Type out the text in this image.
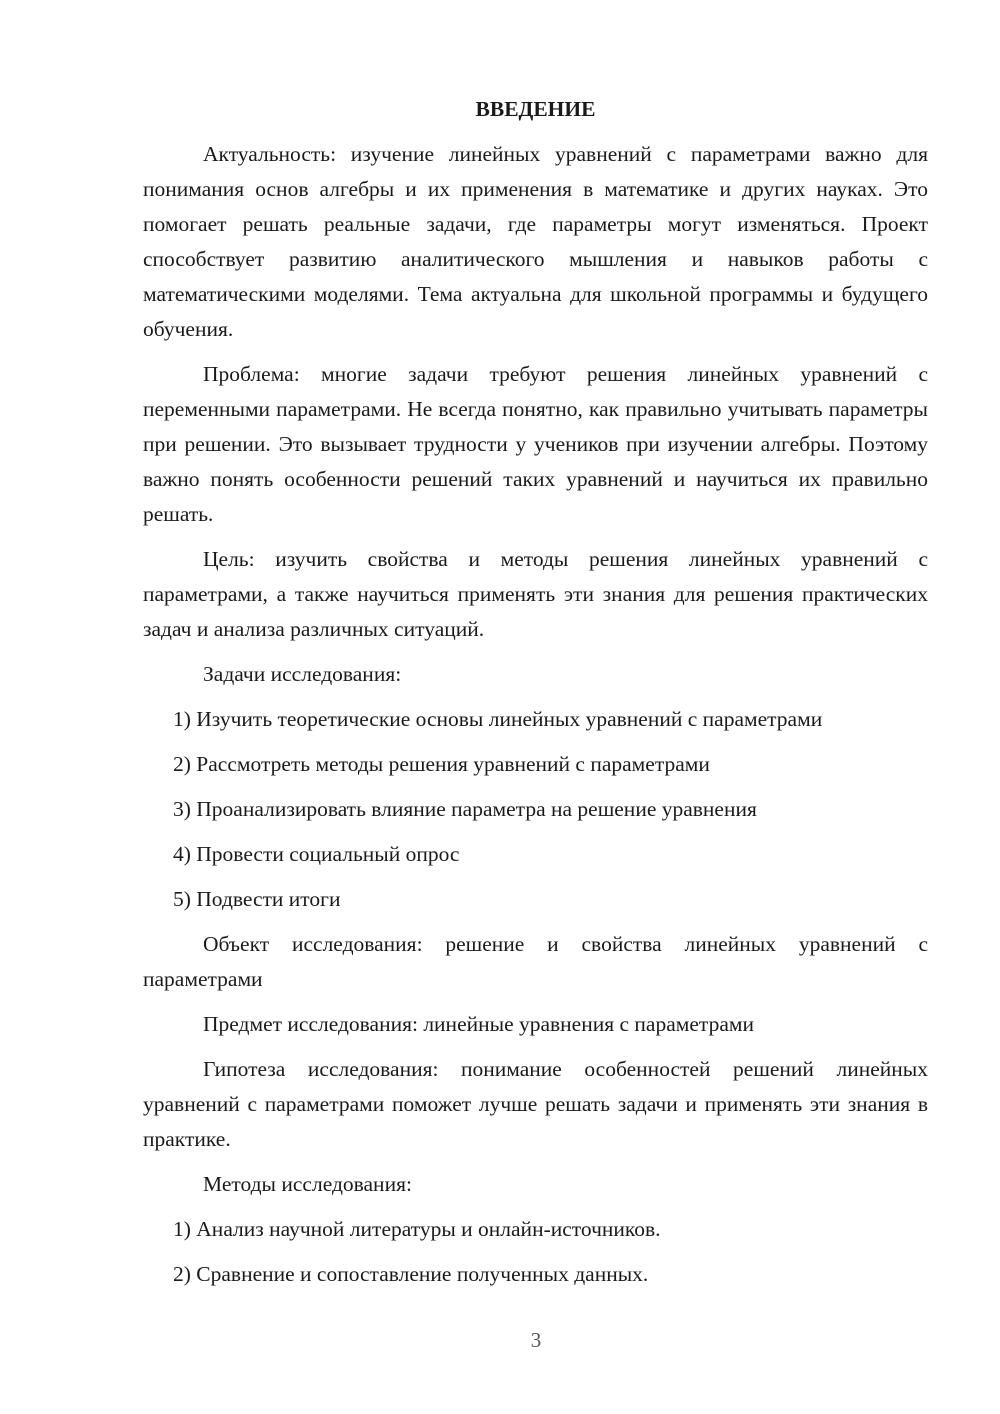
ВВЕДЕНИЕ

Актуальность: изучение линейных уравнений с параметрами важно для понимания основ алгебры и их применения в математике и других науках. Это помогает решать реальные задачи, где параметры могут изменяться. Проект способствует развитию аналитического мышления и навыков работы с математическими моделями. Тема актуальна для школьной программы и будущего обучения.

Проблема: многие задачи требуют решения линейных уравнений с переменными параметрами. Не всегда понятно, как правильно учитывать параметры при решении. Это вызывает трудности у учеников при изучении алгебры. Поэтому важно понять особенности решений таких уравнений и научиться их правильно решать.

Цель: изучить свойства и методы решения линейных уравнений с параметрами, а также научиться применять эти знания для решения практических задач и анализа различных ситуаций.

Задачи исследования:

1) Изучить теоретические основы линейных уравнений с параметрами

2) Рассмотреть методы решения уравнений с параметрами

3) Проанализировать влияние параметра на решение уравнения

4) Провести социальный опрос

5) Подвести итоги

Объект исследования: решение и свойства линейных уравнений с параметрами

Предмет исследования: линейные уравнения с параметрами

Гипотеза исследования: понимание особенностей решений линейных уравнений с параметрами поможет лучше решать задачи и применять эти знания в практике.

Методы исследования:

1) Анализ научной литературы и онлайн-источников.

2) Сравнение и сопоставление полученных данных.

3
